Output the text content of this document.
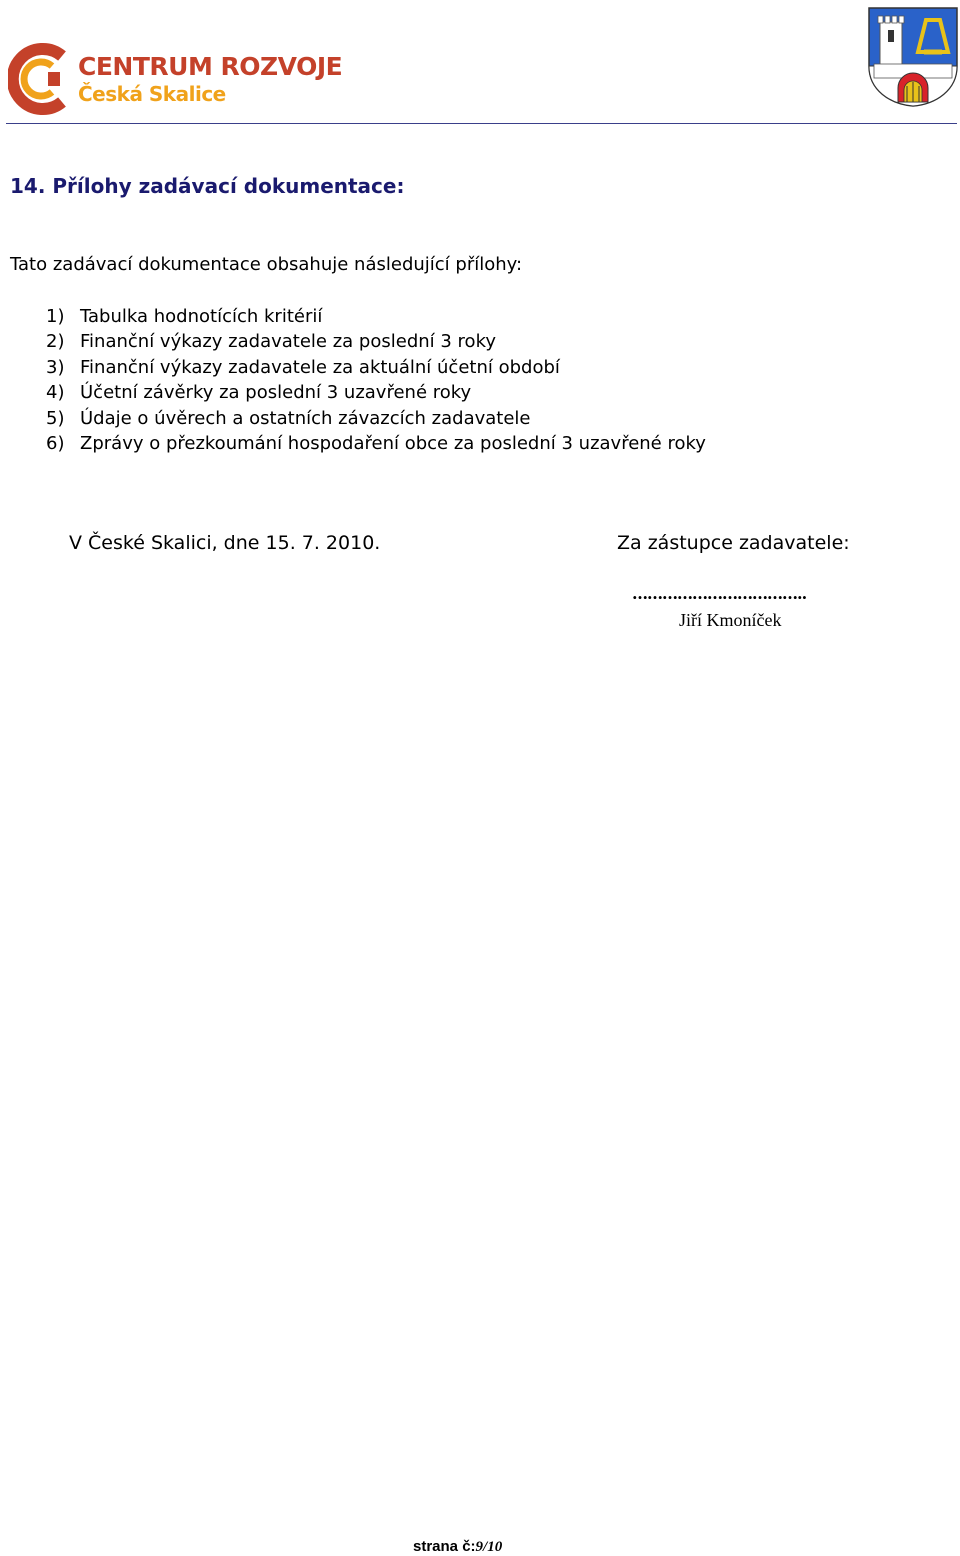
CENTRUM ROZVOJE
Česká Skalice
14. Přílohy zadávací dokumentace:
Tato zadávací dokumentace obsahuje následující přílohy:
1) Tabulka hodnotících kritérií
2) Finanční výkazy zadavatele za poslední 3 roky
3) Finanční výkazy zadavatele za aktuální účetní období
4) Účetní závěrky za poslední 3 uzavřené roky
5) Údaje o úvěrech a ostatních závazcích zadavatele
6) Zprávy o přezkoumání hospodaření obce za poslední 3 uzavřené roky
V České Skalici, dne 15. 7. 2010.	Za zástupce zadavatele:
……………………………..
Jiří Kmoníček
strana č:9/10
